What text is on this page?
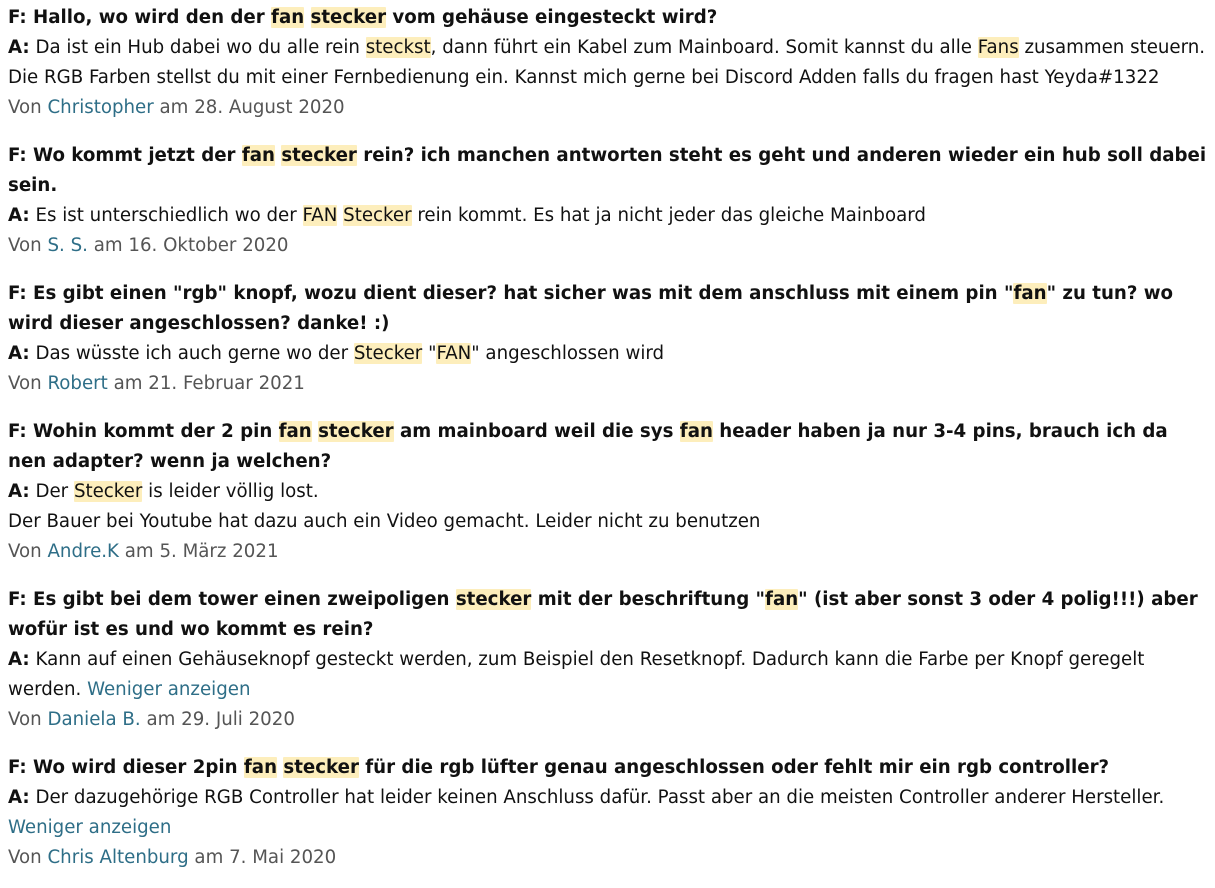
F: Hallo, wo wird den der fan stecker vom gehäuse eingesteckt wird?

A: Da ist ein Hub dabei wo du alle rein steckst, dann führt ein Kabel zum Mainboard. Somit kannst du alle Fans zusammen steuern. Die RGB Farben stellst du mit einer Fernbedienung ein. Kannst mich gerne bei Discord Adden falls du fragen hast Yeyda#1322

Von Christopher am 28. August 2020

F: Wo kommt jetzt der fan stecker rein? ich manchen antworten steht es geht und anderen wieder ein hub soll dabei sein.

A: Es ist unterschiedlich wo der FAN Stecker rein kommt. Es hat ja nicht jeder das gleiche Mainboard

Von S. S. am 16. Oktober 2020

F: Es gibt einen "rgb" knopf, wozu dient dieser? hat sicher was mit dem anschluss mit einem pin "fan" zu tun? wo wird dieser angeschlossen? danke! :)

A: Das wüsste ich auch gerne wo der Stecker "FAN" angeschlossen wird

Von Robert am 21. Februar 2021

F: Wohin kommt der 2 pin fan stecker am mainboard weil die sys fan header haben ja nur 3-4 pins, brauch ich da nen adapter? wenn ja welchen?

A: Der Stecker is leider völlig lost.

Der Bauer bei Youtube hat dazu auch ein Video gemacht. Leider nicht zu benutzen

Von Andre.K am 5. März 2021

F: Es gibt bei dem tower einen zweipoligen stecker mit der beschriftung "fan" (ist aber sonst 3 oder 4 polig!!!) aber wofür ist es und wo kommt es rein?

A: Kann auf einen Gehäuseknopf gesteckt werden, zum Beispiel den Resetknopf. Dadurch kann die Farbe per Knopf geregelt werden. Weniger anzeigen

Von Daniela B. am 29. Juli 2020

F: Wo wird dieser 2pin fan stecker für die rgb lüfter genau angeschlossen oder fehlt mir ein rgb controller?

A: Der dazugehörige RGB Controller hat leider keinen Anschluss dafür. Passt aber an die meisten Controller anderer Hersteller. Weniger anzeigen

Von Chris Altenburg am 7. Mai 2020
